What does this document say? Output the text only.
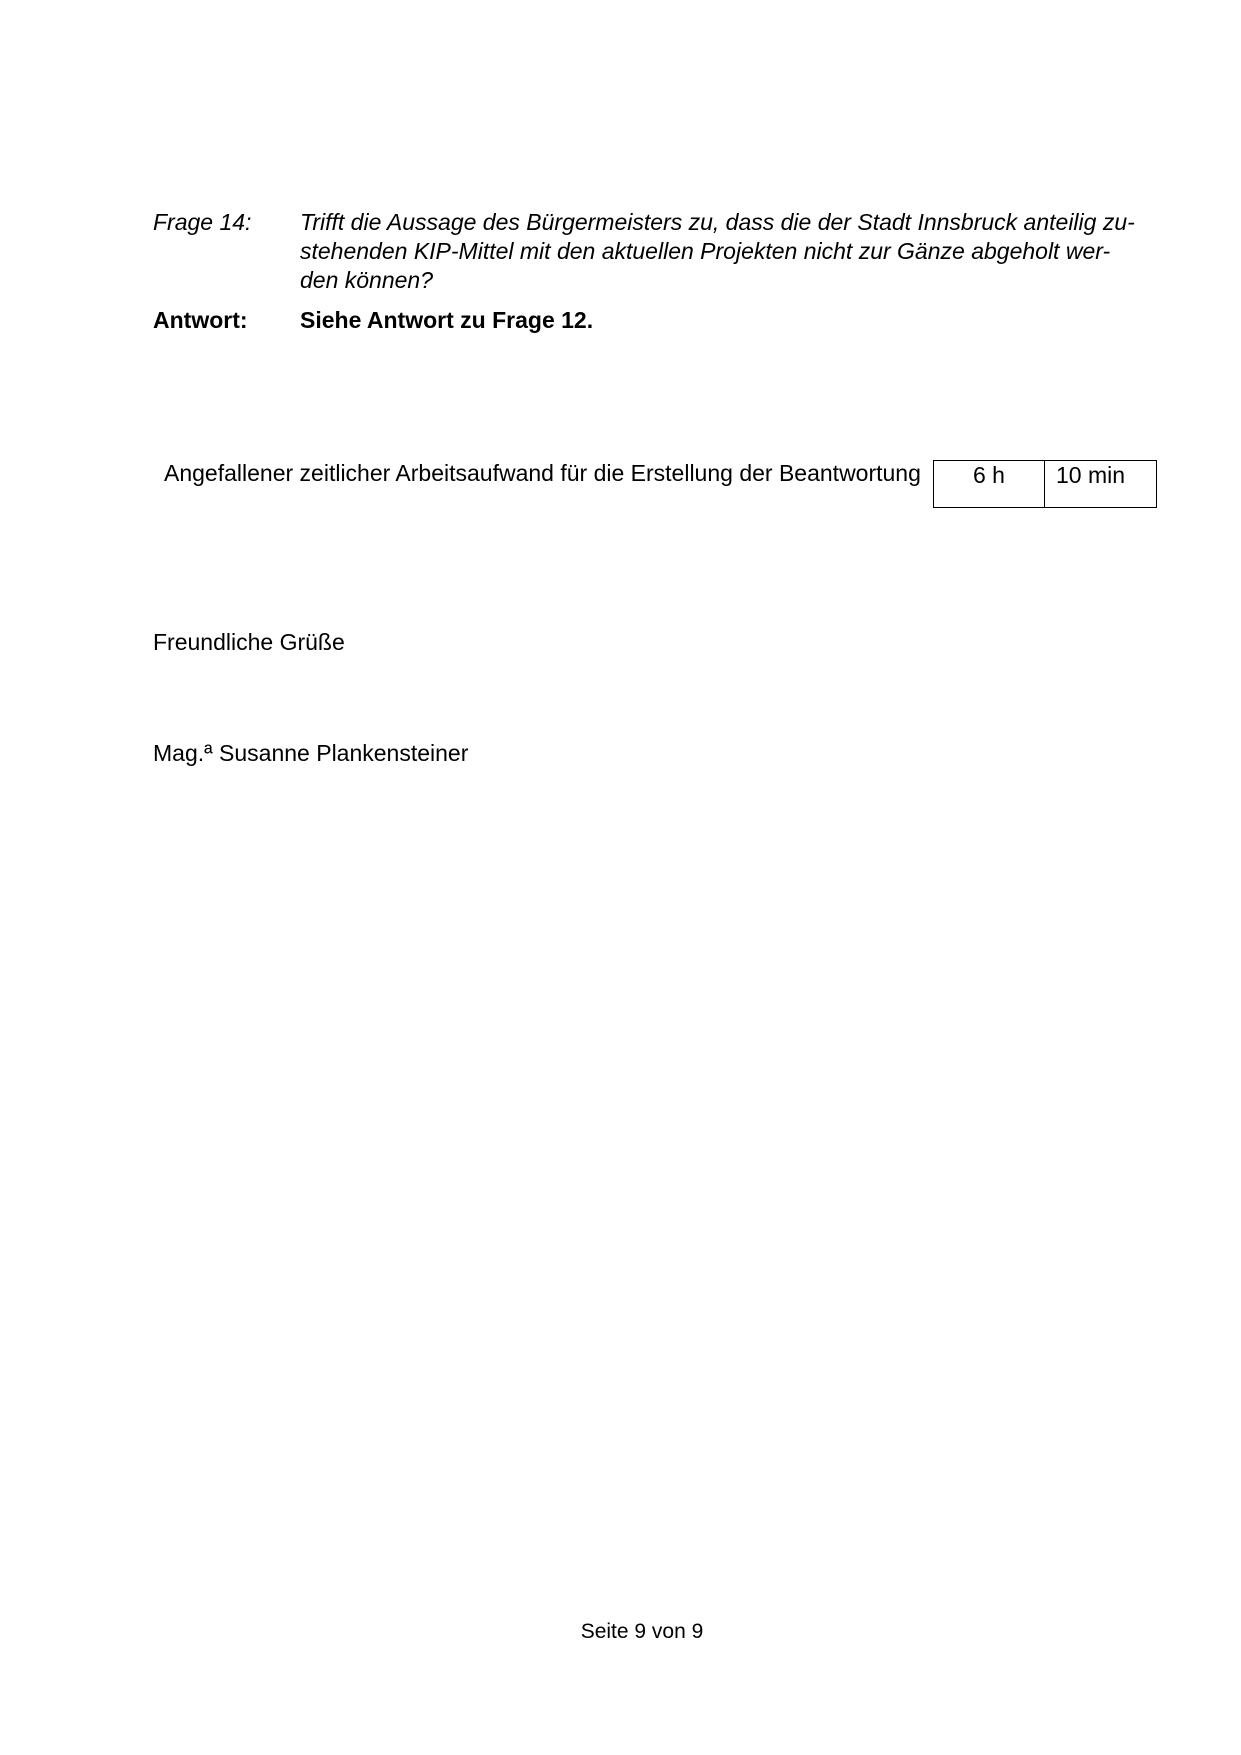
Frage 14: Trifft die Aussage des Bürgermeisters zu, dass die der Stadt Innsbruck anteilig zu-
stehenden KIP-Mittel mit den aktuellen Projekten nicht zur Gänze abgeholt wer-
den können?
Antwort: Siehe Antwort zu Frage 12.
Angefallener zeitlicher Arbeitsaufwand für die Erstellung der Beantwortung 6 h	10 min
Freundliche Grüße
Mag.ª Susanne Plankensteiner
Seite 9 von 9
